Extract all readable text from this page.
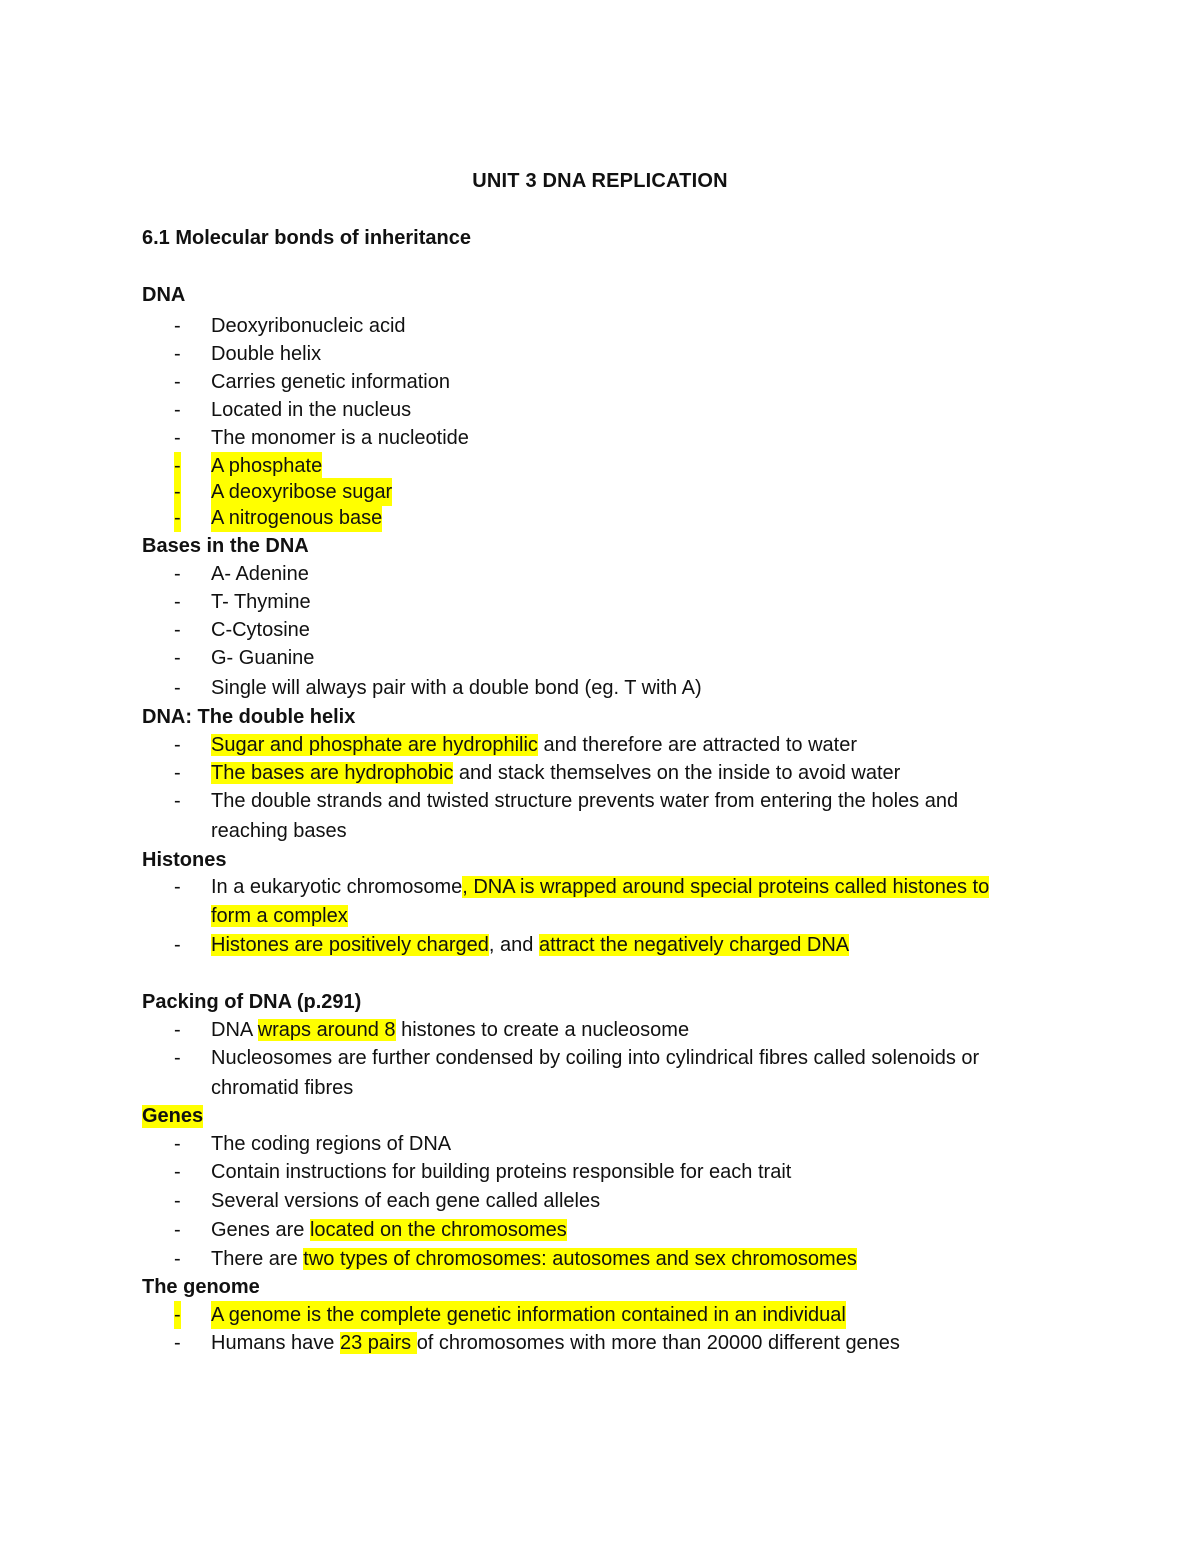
UNIT 3 DNA REPLICATION
6.1 Molecular bonds of inheritance
DNA
- Deoxyribonucleic acid
- Double helix
- Carries genetic information
- Located in the nucleus
- The monomer is a nucleotide
- A phosphate
- A deoxyribose sugar
- A nitrogenous base
Bases in the DNA
- A- Adenine
- T- Thymine
- C-Cytosine
- G- Guanine
- Single will always pair with a double bond (eg. T with A)
DNA: The double helix
- Sugar and phosphate are hydrophilic and therefore are attracted to water
- The bases are hydrophobic and stack themselves on the inside to avoid water
- The double strands and twisted structure prevents water from entering the holes and
reaching bases
Histones
- In a eukaryotic chromosome, DNA is wrapped around special proteins called histones to
form a complex
- Histones are positively charged, and attract the negatively charged DNA
Packing of DNA (p.291)
- DNA wraps around 8 histones to create a nucleosome
- Nucleosomes are further condensed by coiling into cylindrical fibres called solenoids or
chromatid fibres
Genes
- The coding regions of DNA
- Contain instructions for building proteins responsible for each trait
- Several versions of each gene called alleles
- Genes are located on the chromosomes
- There are two types of chromosomes: autosomes and sex chromosomes
The genome
- A genome is the complete genetic information contained in an individual
- Humans have 23 pairs of chromosomes with more than 20000 different genes
